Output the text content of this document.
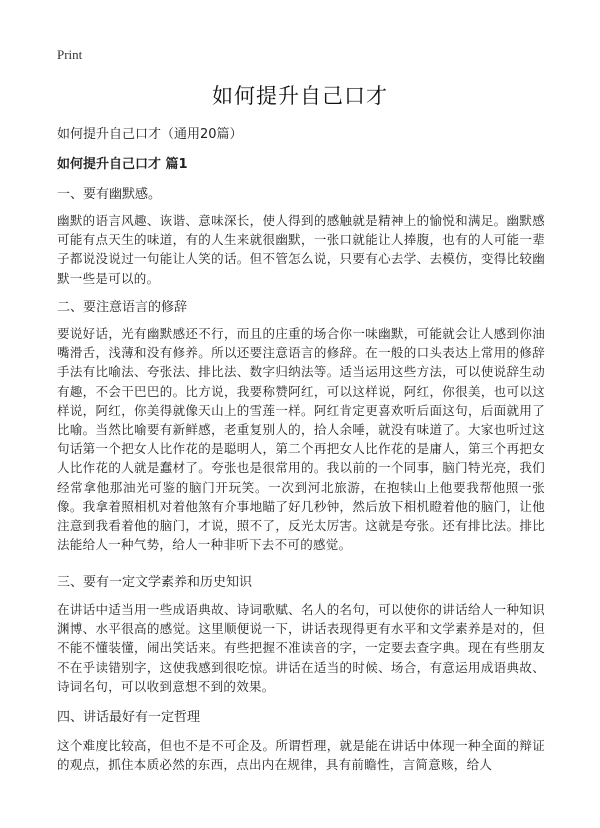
Print
如何提升自己口才
如何提升自己口才（通用20篇）
如何提升自己口才 篇1
一、要有幽默感。
幽默的语言风趣、诙谐、意味深长，使人得到的感触就是精神上的愉悦和满足。幽默感可能有点天生的味道，有的人生来就很幽默，一张口就能让人捧腹，也有的人可能一辈子都说没说过一句能让人笑的话。但不管怎么说，只要有心去学、去模仿，变得比较幽默一些是可以的。
二、要注意语言的修辞
要说好话，光有幽默感还不行，而且的庄重的场合你一味幽默，可能就会让人感到你油嘴滑舌，浅薄和没有修养。所以还要注意语言的修辞。在一般的口头表达上常用的修辞手法有比喻法、夸张法、排比法、数字归纳法等。适当运用这些方法，可以使说辞生动有趣，不会干巴巴的。比方说，我要称赞阿红，可以这样说，阿红，你很美，也可以这样说，阿红，你美得就像天山上的雪莲一样。阿红肯定更喜欢听后面这句，后面就用了比喻。当然比喻要有新鲜感，老重复别人的，拾人余唾，就没有味道了。大家也听过这句话第一个把女人比作花的是聪明人，第二个再把女人比作花的是庸人，第三个再把女人比作花的人就是蠢材了。夸张也是很常用的。我以前的一个同事，脑门特光亮，我们经常拿他那油光可鉴的脑门开玩笑。一次到河北旅游，在抱犊山上他要我帮他照一张像。我拿着照相机对着他煞有介事地瞄了好几秒钟，然后放下相机瞪着他的脑门，让他注意到我看着他的脑门，才说，照不了，反光太厉害。这就是夸张。还有排比法。排比法能给人一种气势，给人一种非听下去不可的感觉。
三、要有一定文学素养和历史知识
在讲话中适当用一些成语典故、诗词歌赋、名人的名句，可以使你的讲话给人一种知识渊博、水平很高的感觉。这里顺便说一下，讲话表现得更有水平和文学素养是对的，但不能不懂装懂，闹出笑话来。有些把握不准读音的字，一定要去查字典。现在有些朋友不在乎读错别字，这使我感到很吃惊。讲话在适当的时候、场合，有意运用成语典故、诗词名句，可以收到意想不到的效果。
四、讲话最好有一定哲理
这个难度比较高，但也不是不可企及。所谓哲理，就是能在讲话中体现一种全面的辩证的观点，抓住本质必然的东西，点出内在规律，具有前瞻性，言简意赅，给人
